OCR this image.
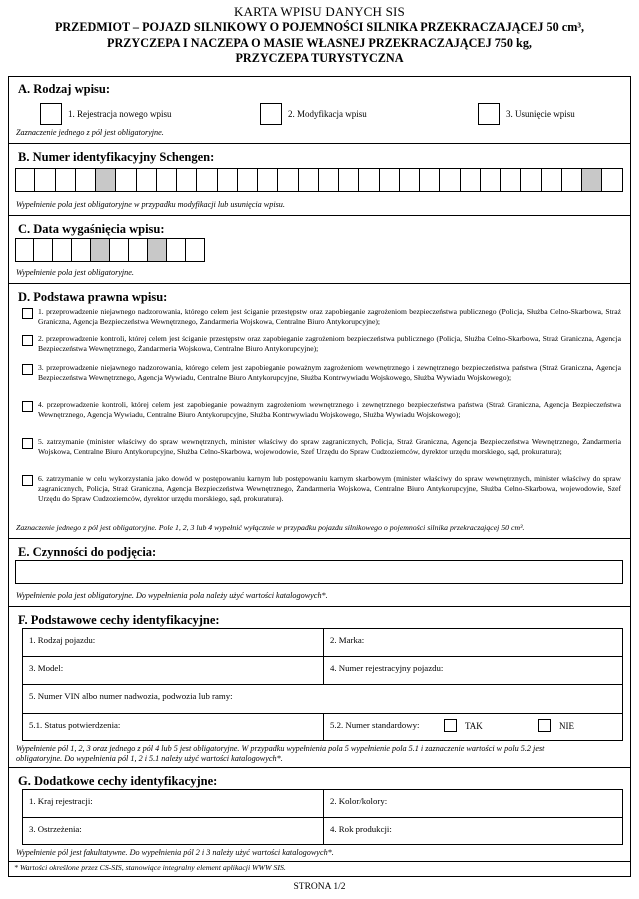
KARTA WPISU DANYCH SIS
PRZEDMIOT – POJAZD SILNIKOWY O POJEMNOŚCI SILNIKA PRZEKRACZAJĄCEJ 50 cm³,
PRZYCZEPA I NACZEPA O MASIE WŁASNEJ PRZEKRACZAJĄCEJ 750 kg,
PRZYCZEPA TURYSTYCZNA
A. Rodzaj wpisu:
1. Rejestracja nowego wpisu	2. Modyfikacja wpisu	3. Usunięcie wpisu
Zaznaczenie jednego z pól jest obligatoryjne.
B. Numer identyfikacyjny Schengen:
Wypełnienie pola jest obligatoryjne w przypadku modyfikacji lub usunięcia wpisu.
C. Data wygaśnięcia wpisu:
Wypełnienie pola jest obligatoryjne.
D. Podstawa prawna wpisu:
1. przeprowadzenie niejawnego nadzorowania, którego celem jest ściganie przestępstw oraz zapobieganie zagrożeniom bezpieczeństwa publicznego (Policja, Służba Celno-Skarbowa, Straż Graniczna, Agencja Bezpieczeństwa Wewnętrznego, Żandarmeria Wojskowa, Centralne Biuro Antykorupcyjne);
2. przeprowadzenie kontroli, której celem jest ściganie przestępstw oraz zapobieganie zagrożeniom bezpieczeństwa publicznego (Policja, Służba Celno-Skarbowa, Straż Graniczna, Agencja Bezpieczeństwa Wewnętrznego, Żandarmeria Wojskowa, Centralne Biuro Antykorupcyjne);
3. przeprowadzenie niejawnego nadzorowania, którego celem jest zapobieganie poważnym zagrożeniom wewnętrznego i zewnętrznego bezpieczeństwa państwa (Straż Graniczna, Agencja Bezpieczeństwa Wewnętrznego, Agencja Wywiadu, Centralne Biuro Antykorupcyjne, Służba Kontrwywiadu Wojskowego, Służba Wywiadu Wojskowego);
4. przeprowadzenie kontroli, której celem jest zapobieganie poważnym zagrożeniom wewnętrznego i zewnętrznego bezpieczeństwa państwa (Straż Graniczna, Agencja Bezpieczeństwa Wewnętrznego, Agencja Wywiadu, Centralne Biuro Antykorupcyjne, Służba Kontrwywiadu Wojskowego, Służba Wywiadu Wojskowego);
5. zatrzymanie (minister właściwy do spraw wewnętrznych, minister właściwy do spraw zagranicznych, Policja, Straż Graniczna, Agencja Bezpieczeństwa Wewnętrznego, Żandarmeria Wojskowa, Centralne Biuro Antykorupcyjne, Służba Celno-Skarbowa, wojewodowie, Szef Urzędu do Spraw Cudzoziemców, dyrektor urzędu morskiego, sąd, prokuratura);
6. zatrzymanie w celu wykorzystania jako dowód w postępowaniu karnym lub postępowaniu karnym skarbowym (minister właściwy do spraw wewnętrznych, minister właściwy do spraw zagranicznych, Policja, Straż Graniczna, Agencja Bezpieczeństwa Wewnętrznego, Żandarmeria Wojskowa, Centralne Biuro Antykorupcyjne, Służba Celno-Skarbowa, wojewodowie, Szef Urzędu do Spraw Cudzoziemców, dyrektor urzędu morskiego, sąd, prokuratura).
Zaznaczenie jednego z pól jest obligatoryjne. Pole 1, 2, 3 lub 4 wypełnić wyłącznie w przypadku pojazdu silnikowego o pojemności silnika przekraczającej 50 cm³.
E. Czynności do podjęcia:
Wypełnienie pola jest obligatoryjne. Do wypełnienia pola należy użyć wartości katalogowych*.
F. Podstawowe cechy identyfikacyjne:
1. Rodzaj pojazdu:	2. Marka:
3. Model:	4. Numer rejestracyjny pojazdu:
5. Numer VIN albo numer nadwozia, podwozia lub ramy:
5.1. Status potwierdzenia:	5.2. Numer standardowy:	TAK	NIE
Wypełnienie pól 1, 2, 3 oraz jednego z pól 4 lub 5 jest obligatoryjne. W przypadku wypełnienia pola 5 wypełnienie pola 5.1 i zaznaczenie wartości w polu 5.2 jest
obligatoryjne. Do wypełnienia pól 1, 2 i 5.1 należy użyć wartości katalogowych*.
G. Dodatkowe cechy identyfikacyjne:
1. Kraj rejestracji:	2. Kolor/kolory:
3. Ostrzeżenia:	4. Rok produkcji:
Wypełnienie pól jest fakultatywne. Do wypełnienia pól 2 i 3 należy użyć wartości katalogowych*.
* Wartości określone przez CS-SIS, stanowiące integralny element aplikacji WWW SIS.
STRONA 1/2
